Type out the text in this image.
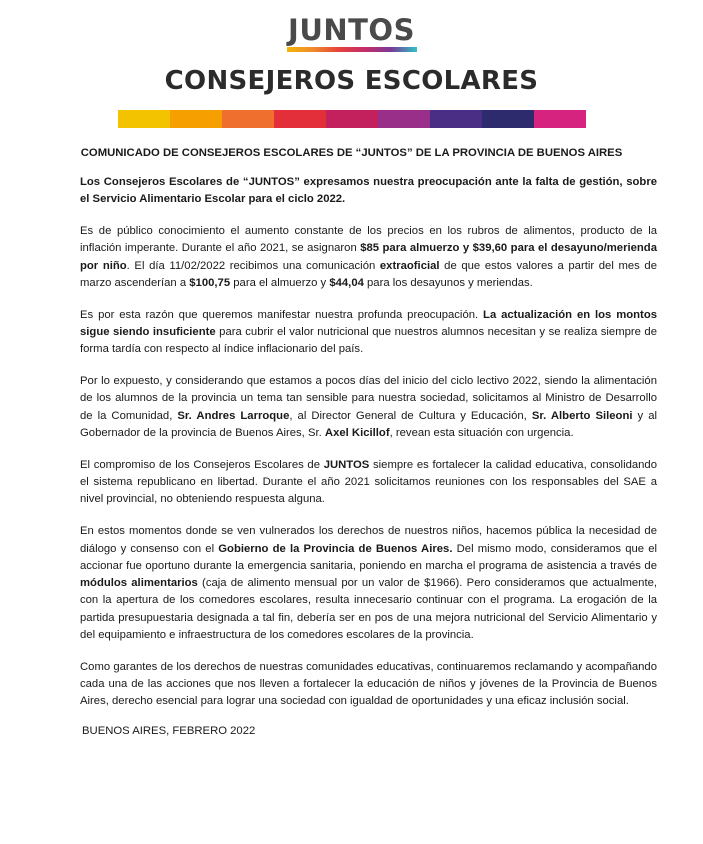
JUNTOS
CONSEJEROS ESCOLARES
COMUNICADO DE CONSEJEROS ESCOLARES DE “JUNTOS” DE LA PROVINCIA DE BUENOS AIRES

Los Consejeros Escolares de “JUNTOS” expresamos nuestra preocupación ante la falta de gestión, sobre el Servicio Alimentario Escolar para el ciclo 2022.

Es de público conocimiento el aumento constante de los precios en los rubros de alimentos, producto de la inflación imperante. Durante el año 2021, se asignaron $85 para almuerzo y $39,60 para el desayuno/merienda por niño. El día 11/02/2022 recibimos una comunicación extraoficial de que estos valores a partir del mes de marzo ascenderían a $100,75 para el almuerzo y $44,04 para los desayunos y meriendas.

Es por esta razón que queremos manifestar nuestra profunda preocupación. La actualización en los montos sigue siendo insuficiente para cubrir el valor nutricional que nuestros alumnos necesitan y se realiza siempre de forma tardía con respecto al índice inflacionario del país.

Por lo expuesto, y considerando que estamos a pocos días del inicio del ciclo lectivo 2022, siendo la alimentación de los alumnos de la provincia un tema tan sensible para nuestra sociedad, solicitamos al Ministro de Desarrollo de la Comunidad, Sr. Andres Larroque, al Director General de Cultura y Educación, Sr. Alberto Sileoni y al Gobernador de la provincia de Buenos Aires, Sr. Axel Kicillof, revean esta situación con urgencia.

El compromiso de los Consejeros Escolares de JUNTOS siempre es fortalecer la calidad educativa, consolidando el sistema republicano en libertad. Durante el año 2021 solicitamos reuniones con los responsables del SAE a nivel provincial, no obteniendo respuesta alguna.

En estos momentos donde se ven vulnerados los derechos de nuestros niños, hacemos pública la necesidad de diálogo y consenso con el Gobierno de la Provincia de Buenos Aires. Del mismo modo, consideramos que el accionar fue oportuno durante la emergencia sanitaria, poniendo en marcha el programa de asistencia a través de módulos alimentarios (caja de alimento mensual por un valor de $1966). Pero consideramos que actualmente, con la apertura de los comedores escolares, resulta innecesario continuar con el programa. La erogación de la partida presupuestaria designada a tal fin, debería ser en pos de una mejora nutricional del Servicio Alimentario y del equipamiento e infraestructura de los comedores escolares de la provincia.

Como garantes de los derechos de nuestras comunidades educativas, continuaremos reclamando y acompañando cada una de las acciones que nos lleven a fortalecer la educación de niños y jóvenes de la Provincia de Buenos Aires, derecho esencial para lograr una sociedad con igualdad de oportunidades y una eficaz inclusión social.

BUENOS AIRES, FEBRERO 2022
